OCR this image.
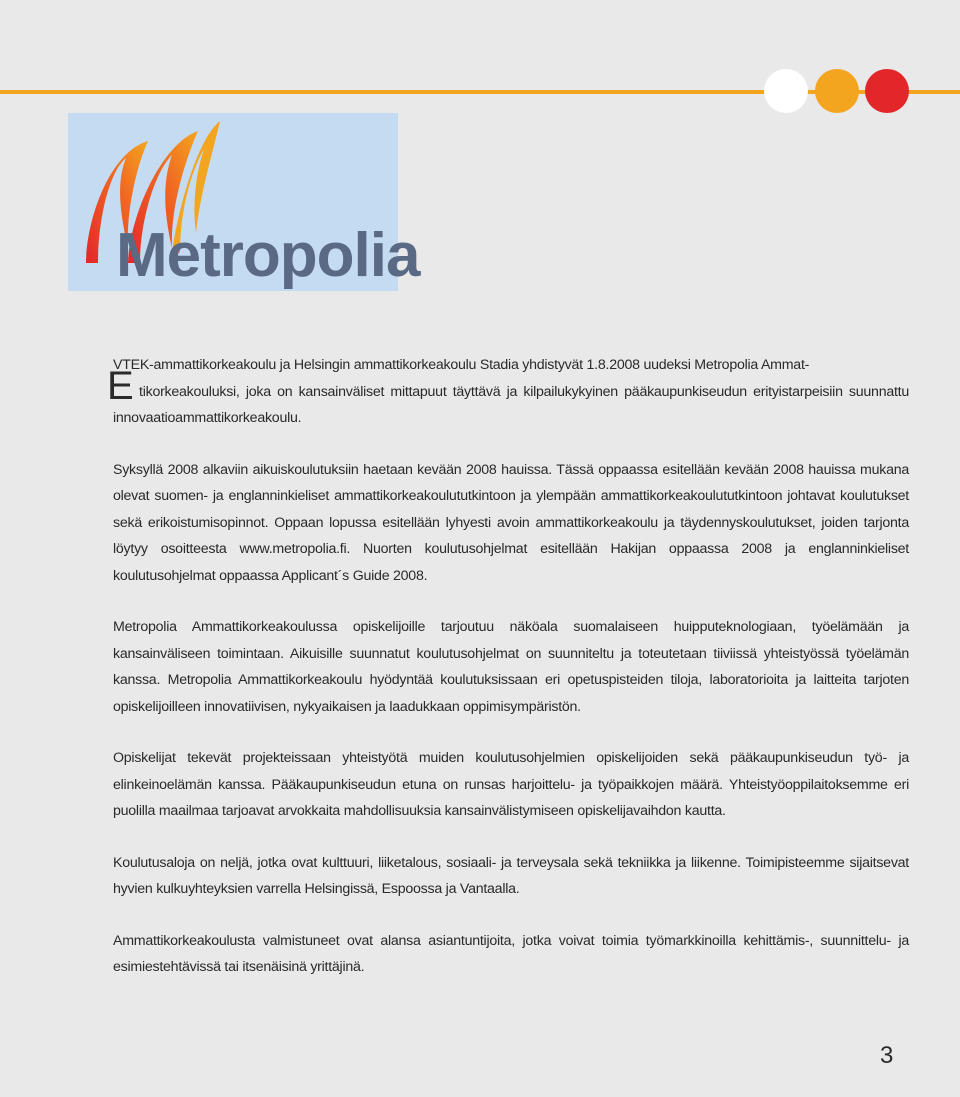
Metropolia

E
VTEK-ammattikorkeakoulu ja Helsingin ammattikorkeakoulu Stadia yhdistyvät 1.8.2008 uudeksi Metropolia Ammat-
tikorkeakouluksi, joka on kansainväliset mittapuut täyttävä ja kilpailukykyinen pääkaupunkiseudun erityistarpeisiin suunnattu innovaatioammattikorkeakoulu.

Syksyllä 2008 alkaviin aikuiskoulutuksiin haetaan kevään 2008 hauissa. Tässä oppaassa esitellään kevään 2008 hauissa mukana olevat suomen- ja englanninkieliset ammattikorkeakoulututkintoon ja ylempään ammattikorkeakoulututkintoon johtavat koulutukset sekä erikoistumisopinnot. Oppaan lopussa esitellään lyhyesti avoin ammattikorkeakoulu ja täydennyskoulutukset, joiden tarjonta löytyy osoitteesta www.metropolia.fi. Nuorten koulutusohjelmat esitellään Hakijan oppaassa 2008 ja englanninkieliset koulutusohjelmat oppaassa Applicant´s Guide 2008.

Metropolia Ammattikorkeakoulussa opiskelijoille tarjoutuu näköala suomalaiseen huipputeknologiaan, työelämään ja kansainväliseen toimintaan. Aikuisille suunnatut koulutusohjelmat on suunniteltu ja toteutetaan tiiviissä yhteistyössä työelämän kanssa. Metropolia Ammattikorkeakoulu hyödyntää koulutuksissaan eri opetuspisteiden tiloja, laboratorioita ja laitteita tarjoten opiskelijoilleen innovatiivisen, nykyaikaisen ja laadukkaan oppimisympäristön.

Opiskelijat tekevät projekteissaan yhteistyötä muiden koulutusohjelmien opiskelijoiden sekä pääkaupunkiseudun työ- ja elinkeinoelämän kanssa. Pääkaupunkiseudun etuna on runsas harjoittelu- ja työpaikkojen määrä. Yhteistyöoppilaitoksemme eri puolilla maailmaa tarjoavat arvokkaita mahdollisuuksia kansainvälistymiseen opiskelijavaihdon kautta.

Koulutusaloja on neljä, jotka ovat kulttuuri, liiketalous, sosiaali- ja terveysala sekä tekniikka ja liikenne. Toimipisteemme sijaitsevat hyvien kulkuyhteyksien varrella Helsingissä, Espoossa ja Vantaalla.

Ammattikorkeakoulusta valmistuneet ovat alansa asiantuntijoita, jotka voivat toimia työmarkkinoilla kehittämis-, suunnittelu- ja esimiestehtävissä tai itsenäisinä yrittäjinä.

3
